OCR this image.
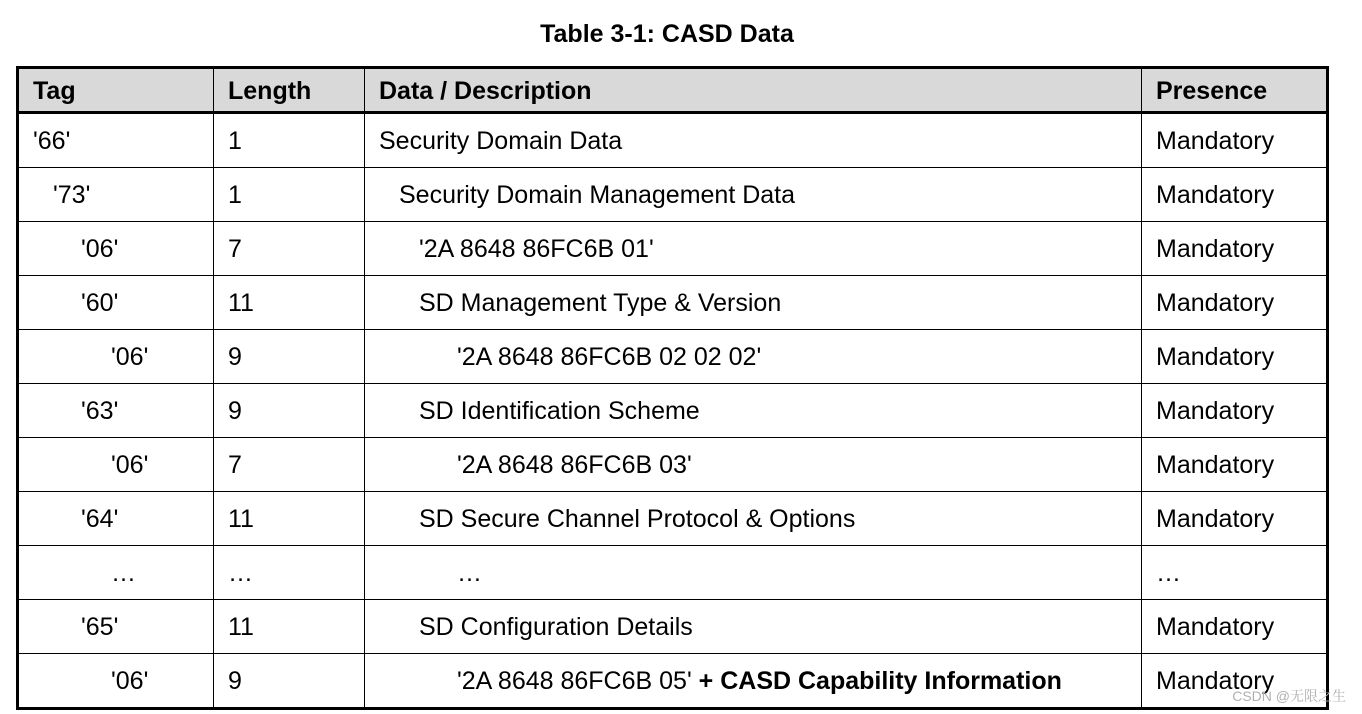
Table 3-1: CASD Data
Tag	Length	Data / Description	Presence
'66'	1	Security Domain Data	Mandatory
'73'	1	Security Domain Management Data	Mandatory
'06'	7	'2A 8648 86FC6B 01'	Mandatory
'60'	11	SD Management Type & Version	Mandatory
'06'	9	'2A 8648 86FC6B 02 02 02'	Mandatory
'63'	9	SD Identification Scheme	Mandatory
'06'	7	'2A 8648 86FC6B 03'	Mandatory
'64'	11	SD Secure Channel Protocol & Options	Mandatory
…	…	…	…
'65'	11	SD Configuration Details	Mandatory
'06'	9	'2A 8648 86FC6B 05' + CASD Capability Information	Mandatory
CSDN @无限之生
